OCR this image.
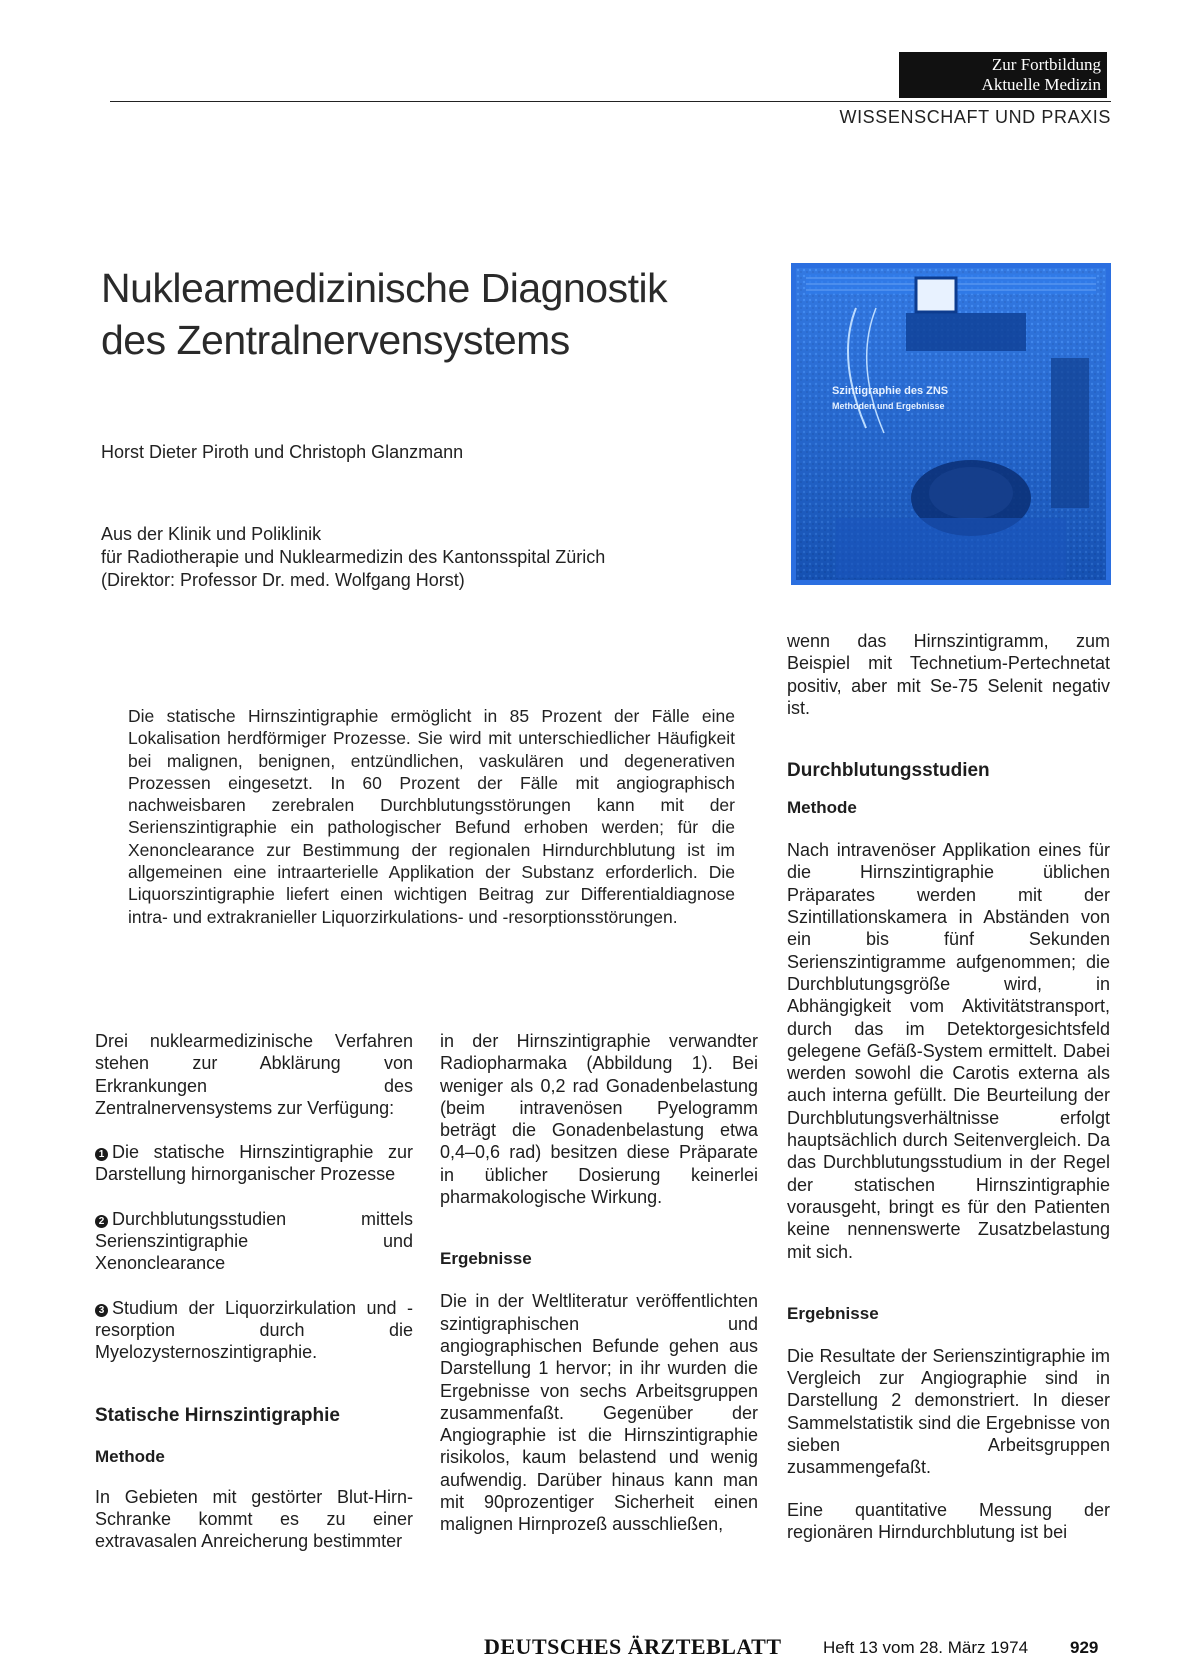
Zur Fortbildung
Aktuelle Medizin
WISSENSCHAFT UND PRAXIS
Nuklearmedizinische Diagnostik
des Zentralnervensystems
Horst Dieter Piroth und Christoph Glanzmann
Aus der Klinik und Poliklinik
für Radiotherapie und Nuklearmedizin des Kantonsspital Zürich
(Direktor: Professor Dr. med. Wolfgang Horst)
Szintigraphie des ZNS
Methoden und Ergebnisse
Die statische Hirnszintigraphie ermöglicht in 85 Prozent der Fälle eine Lokalisation herdförmiger Prozesse. Sie wird mit unterschiedlicher Häufigkeit bei malignen, benignen, entzündlichen, vaskulären und degenerativen Prozessen eingesetzt. In 60 Prozent der Fälle mit angiographisch nachweisbaren zerebralen Durchblutungsstörungen kann mit der Serienszintigraphie ein pathologischer Befund erhoben werden; für die Xenonclearance zur Bestimmung der regionalen Hirndurchblutung ist im allgemeinen eine intraarterielle Applikation der Substanz erforderlich. Die Liquorszintigraphie liefert einen wichtigen Beitrag zur Differentialdiagnose intra- und extrakranieller Liquorzirkulations- und -resorptionsstörungen.

Drei nuklearmedizinische Verfahren stehen zur Abklärung von Erkrankungen des Zentralnervensystems zur Verfügung:

1 Die statische Hirnszintigraphie zur Darstellung hirnorganischer Prozesse

2 Durchblutungsstudien mittels Serienszintigraphie und Xenonclearance

3 Studium der Liquorzirkulation und -resorption durch die Myelozysternoszintigraphie.

Statische Hirnszintigraphie
Methode

In Gebieten mit gestörter Blut-Hirn-Schranke kommt es zu einer extravasalen Anreicherung bestimmter

in der Hirnszintigraphie verwandter Radiopharmaka (Abbildung 1). Bei weniger als 0,2 rad Gonadenbelastung (beim intravenösen Pyelogramm beträgt die Gonadenbelastung etwa 0,4–0,6 rad) besitzen diese Präparate in üblicher Dosierung keinerlei pharmakologische Wirkung.

Ergebnisse

Die in der Weltliteratur veröffentlichten szintigraphischen und angiographischen Befunde gehen aus Darstellung 1 hervor; in ihr wurden die Ergebnisse von sechs Arbeitsgruppen zusammenfaßt. Gegenüber der Angiographie ist die Hirnszintigraphie risikolos, kaum belastend und wenig aufwendig. Darüber hinaus kann man mit 90prozentiger Sicherheit einen malignen Hirnprozeß ausschließen,

wenn das Hirnszintigramm, zum Beispiel mit Technetium-Pertechnetat positiv, aber mit Se-75 Selenit negativ ist.

Durchblutungsstudien
Methode

Nach intravenöser Applikation eines für die Hirnszintigraphie üblichen Präparates werden mit der Szintillationskamera in Abständen von ein bis fünf Sekunden Serienszintigramme aufgenommen; die Durchblutungsgröße wird, in Abhängigkeit vom Aktivitätstransport, durch das im Detektorgesichtsfeld gelegene Gefäß-System ermittelt. Dabei werden sowohl die Carotis externa als auch interna gefüllt. Die Beurteilung der Durchblutungsverhältnisse erfolgt hauptsächlich durch Seitenvergleich. Da das Durchblutungsstudium in der Regel der statischen Hirnszintigraphie vorausgeht, bringt es für den Patienten keine nennenswerte Zusatzbelastung mit sich.

Ergebnisse

Die Resultate der Serienszintigraphie im Vergleich zur Angiographie sind in Darstellung 2 demonstriert. In dieser Sammelstatistik sind die Ergebnisse von sieben Arbeitsgruppen zusammengefaßt.

Eine quantitative Messung der regionären Hirndurchblutung ist bei

DEUTSCHES ÄRZTEBLATT Heft 13 vom 28. März 1974 929
